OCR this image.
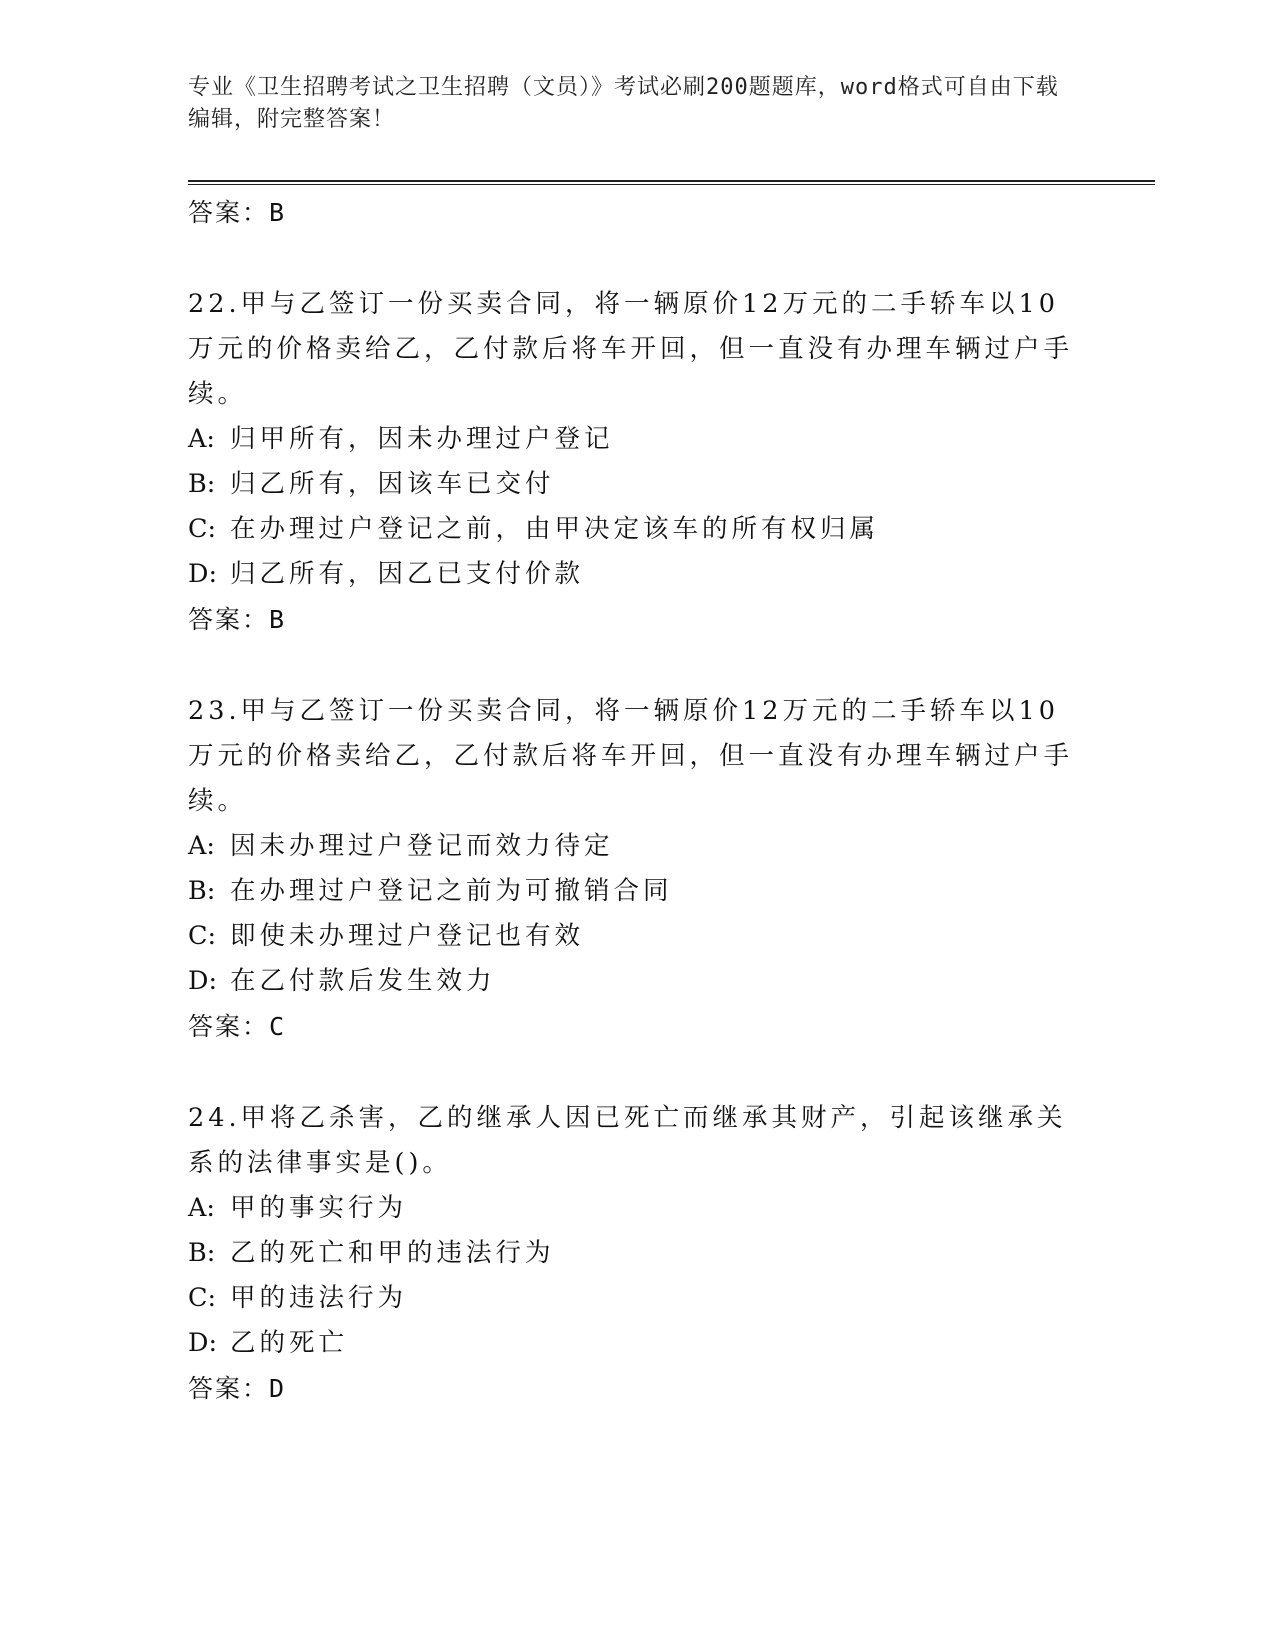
专业《卫生招聘考试之卫生招聘（文员）》考试必刷200题题库，word格式可自由下载编辑，附完整答案！
答案：B
22.甲与乙签订一份买卖合同，将一辆原价12万元的二手轿车以10万元的价格卖给乙，乙付款后将车开回，但一直没有办理车辆过户手续。
A: 归甲所有，因未办理过户登记
B: 归乙所有，因该车已交付
C: 在办理过户登记之前，由甲决定该车的所有权归属
D: 归乙所有，因乙已支付价款
答案：B
23.甲与乙签订一份买卖合同，将一辆原价12万元的二手轿车以10万元的价格卖给乙，乙付款后将车开回，但一直没有办理车辆过户手续。
A: 因未办理过户登记而效力待定
B: 在办理过户登记之前为可撤销合同
C: 即使未办理过户登记也有效
D: 在乙付款后发生效力
答案：C
24.甲将乙杀害，乙的继承人因已死亡而继承其财产，引起该继承关系的法律事实是()。
A: 甲的事实行为
B: 乙的死亡和甲的违法行为
C: 甲的违法行为
D: 乙的死亡
答案：D
